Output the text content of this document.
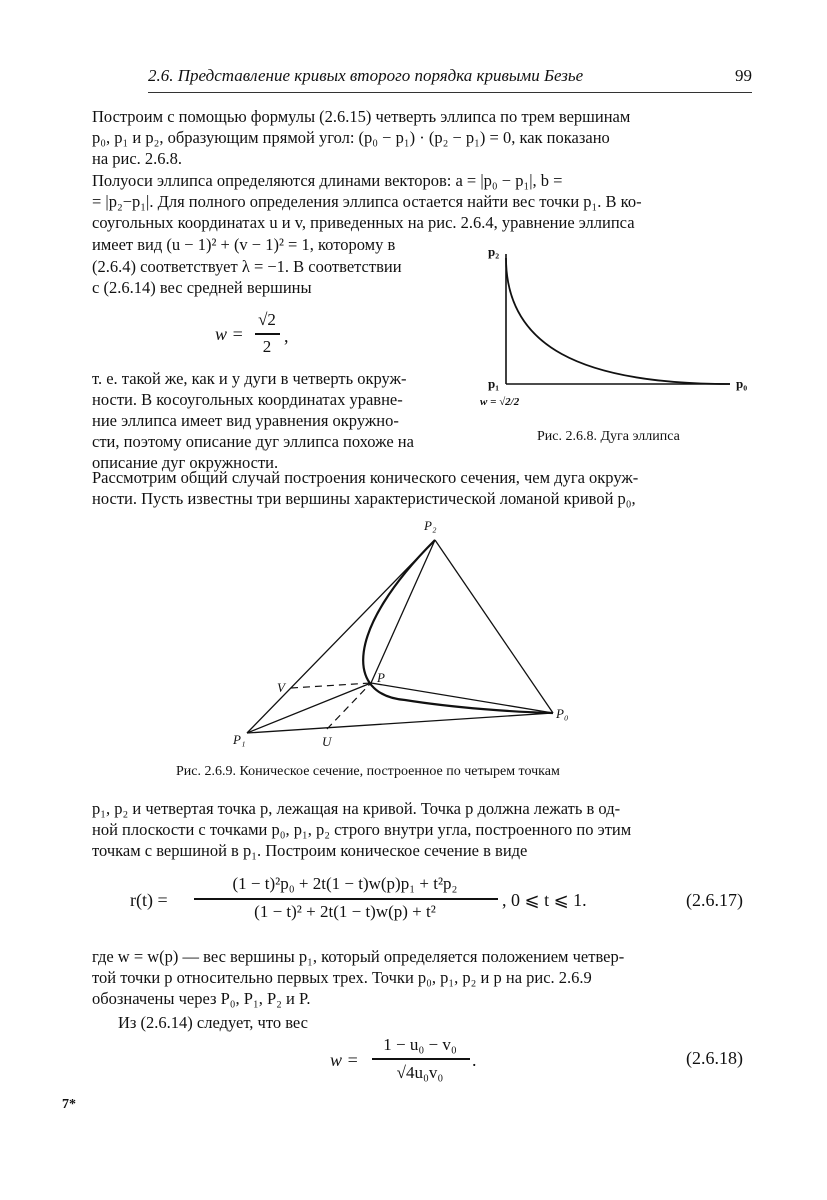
2.6. Представление кривых второго порядка кривыми Безье	99
Построим с помощью формулы (2.6.15) четверть эллипса по трем вершинам
p₀, p₁ и p₂, образующим прямой угол: (p₀ − p₁) · (p₂ − p₁) = 0, как показано
на рис. 2.6.8.
Полуоси эллипса определяются длинами векторов: a = |p₀ − p₁|, b =
= |p₂−p₁|. Для полного определения эллипса остается найти вес точки p₁. В ко-
соугольных координатах u и v, приведенных на рис. 2.6.4, уравнение эллипса
имеет вид (u − 1)² + (v − 1)² = 1, которому в
(2.6.4) соответствует λ = −1. В соответствии
с (2.6.14) вес средней вершины
w =
√2
2
,
т. е. такой же, как и у дуги в четверть окруж-
ности. В косоугольных координатах уравне-
ние эллипса имеет вид уравнения окружно-
сти, поэтому описание дуг эллипса похоже на
описание дуг окружности.
p₂
p₁	p₀
w = √2/2
Рис. 2.6.8. Дуга эллипса
Рассмотрим общий случай построения конического сечения, чем дуга окруж-
ности. Пусть известны три вершины характеристической ломаной кривой p₀,
P₂
V
P
P₀
P₁	U
Рис. 2.6.9. Коническое сечение, построенное по четырем точкам
p₁, p₂ и четвертая точка p, лежащая на кривой. Точка p должна лежать в од-
ной плоскости с точками p₀, p₁, p₂ строго внутри угла, построенного по этим
точкам с вершиной в p₁. Построим коническое сечение в виде
r(t) =
(1 − t)²p₀ + 2t(1 − t)w(p)p₁ + t²p₂
(1 − t)² + 2t(1 − t)w(p) + t²
, 0 ⩽ t ⩽ 1.	(2.6.17)
где w = w(p) — вес вершины p₁, который определяется положением четвер-
той точки p относительно первых трех. Точки p₀, p₁, p₂ и p на рис. 2.6.9
обозначены через P₀, P₁, P₂ и P.
Из (2.6.14) следует, что вес
w =
1 − u₀ − v₀
√4u₀v₀
.	(2.6.18)
7*
